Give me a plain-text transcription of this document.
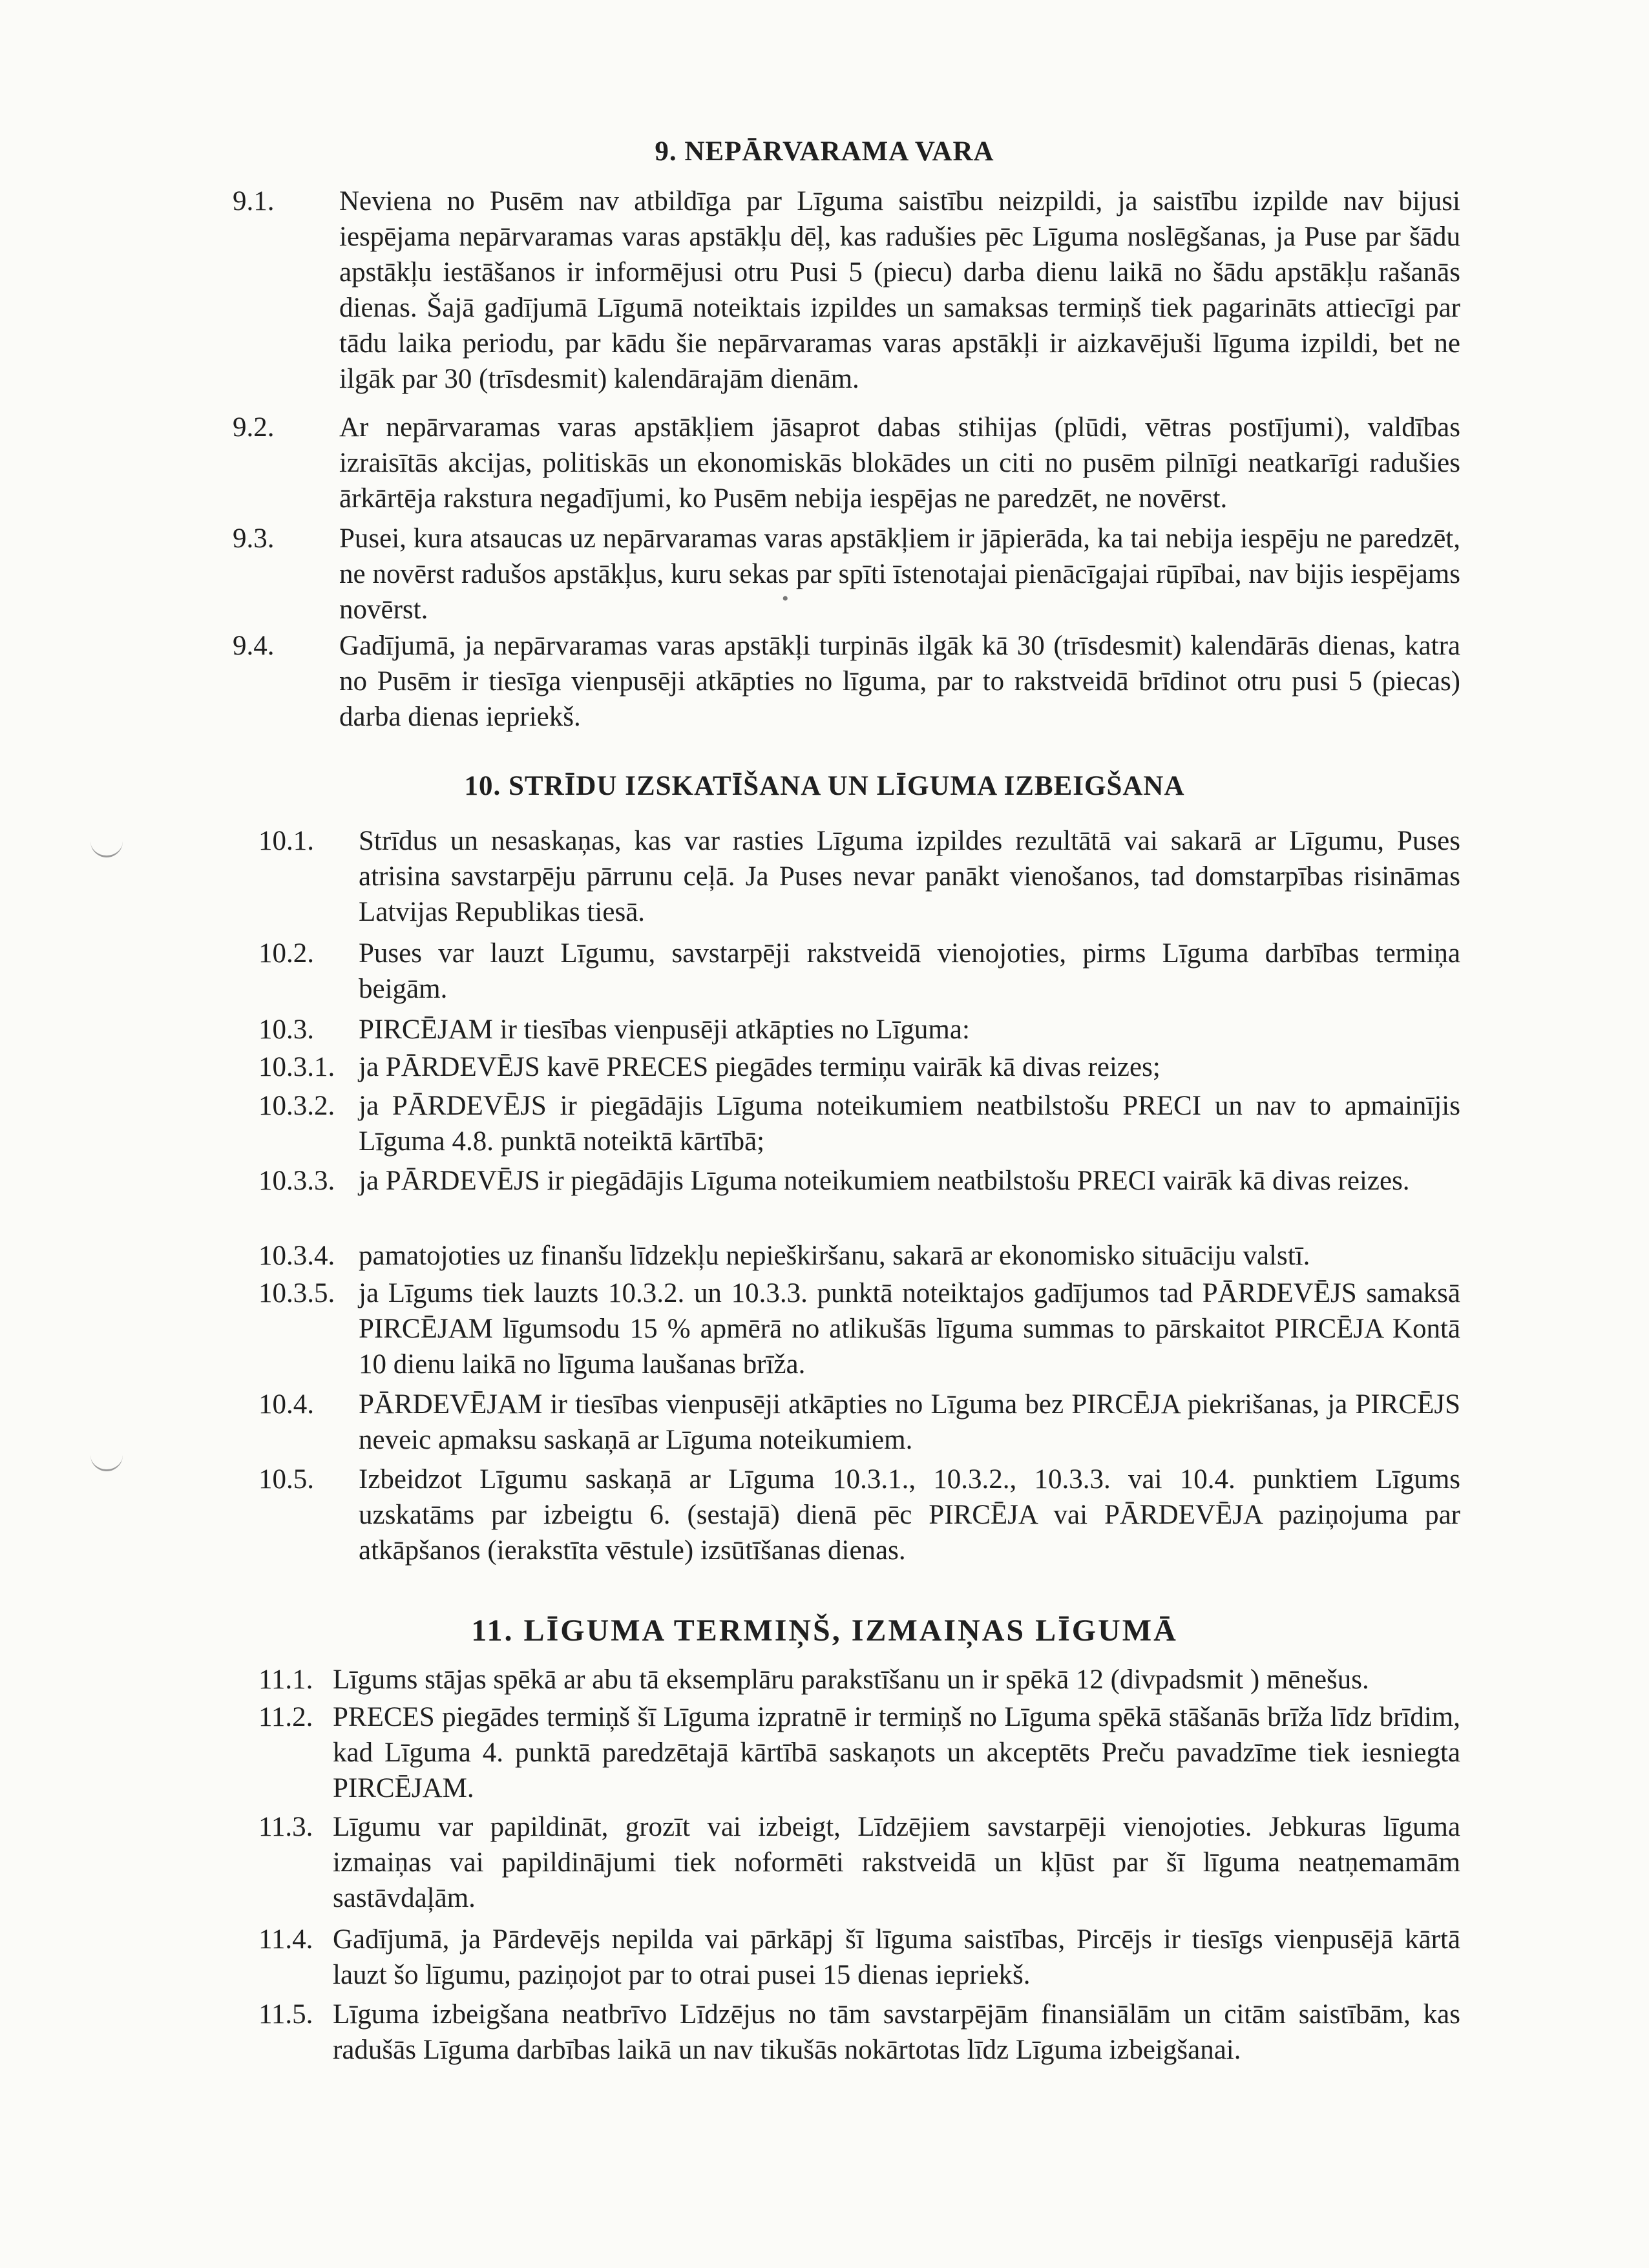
9. NEPĀRVARAMA VARA
9.1. Neviena no Pusēm nav atbildīga par Līguma saistību neizpildi, ja saistību izpilde nav bijusi iespējama nepārvaramas varas apstākļu dēļ, kas radušies pēc Līguma noslēgšanas, ja Puse par šādu apstākļu iestāšanos ir informējusi otru Pusi 5 (piecu) darba dienu laikā no šādu apstākļu rašanās dienas. Šajā gadījumā Līgumā noteiktais izpildes un samaksas termiņš tiek pagarināts attiecīgi par tādu laika periodu, par kādu šie nepārvaramas varas apstākļi ir aizkavējuši līguma izpildi, bet ne ilgāk par 30 (trīsdesmit) kalendārajām dienām.
9.2. Ar nepārvaramas varas apstākļiem jāsaprot dabas stihijas (plūdi, vētras postījumi), valdības izraisītās akcijas, politiskās un ekonomiskās blokādes un citi no pusēm pilnīgi neatkarīgi radušies ārkārtēja rakstura negadījumi, ko Pusēm nebija iespējas ne paredzēt, ne novērst.
9.3. Pusei, kura atsaucas uz nepārvaramas varas apstākļiem ir jāpierāda, ka tai nebija iespēju ne paredzēt, ne novērst radušos apstākļus, kuru sekas par spīti īstenotajai pienācīgajai rūpībai, nav bijis iespējams novērst.
9.4. Gadījumā, ja nepārvaramas varas apstākļi turpinās ilgāk kā 30 (trīsdesmit) kalendārās dienas, katra no Pusēm ir tiesīga vienpusēji atkāpties no līguma, par to rakstveidā brīdinot otru pusi 5 (piecas) darba dienas iepriekš.
10. STRĪDU IZSKATĪŠANA UN LĪGUMA IZBEIGŠANA
10.1. Strīdus un nesaskaņas, kas var rasties Līguma izpildes rezultātā vai sakarā ar Līgumu, Puses atrisina savstarpēju pārrunu ceļā. Ja Puses nevar panākt vienošanos, tad domstarpības risināmas Latvijas Republikas tiesā.
10.2. Puses var lauzt Līgumu, savstarpēji rakstveidā vienojoties, pirms Līguma darbības termiņa beigām.
10.3. PIRCĒJAM ir tiesības vienpusēji atkāpties no Līguma:
10.3.1. ja PĀRDEVĒJS kavē PRECES piegādes termiņu vairāk kā divas reizes;
10.3.2. ja PĀRDEVĒJS ir piegādājis Līguma noteikumiem neatbilstošu PRECI un nav to apmainījis Līguma 4.8. punktā noteiktā kārtībā;
10.3.3. ja PĀRDEVĒJS ir piegādājis Līguma noteikumiem neatbilstošu PRECI vairāk kā divas reizes.
10.3.4. pamatojoties uz finanšu līdzekļu nepieškiršanu, sakarā ar ekonomisko situāciju valstī.
10.3.5. ja Līgums tiek lauzts 10.3.2. un 10.3.3. punktā noteiktajos gadījumos tad PĀRDEVĒJS samaksā PIRCĒJAM līgumsodu 15 % apmērā no atlikušās līguma summas to pārskaitot PIRCĒJA Kontā 10 dienu laikā no līguma laušanas brīža.
10.4. PĀRDEVĒJAM ir tiesības vienpusēji atkāpties no Līguma bez PIRCĒJA piekrišanas, ja PIRCĒJS neveic apmaksu saskaņā ar Līguma noteikumiem.
10.5. Izbeidzot Līgumu saskaņā ar Līguma 10.3.1., 10.3.2., 10.3.3. vai 10.4. punktiem Līgums uzskatāms par izbeigtu 6. (sestajā) dienā pēc PIRCĒJA vai PĀRDEVĒJA paziņojuma par atkāpšanos (ierakstīta vēstule) izsūtīšanas dienas.
11. LĪGUMA TERMIŅŠ, IZMAIŅAS LĪGUMĀ
11.1. Līgums stājas spēkā ar abu tā eksemplāru parakstīšanu un ir spēkā 12 (divpadsmit ) mēnešus.
11.2. PRECES piegādes termiņš šī Līguma izpratnē ir termiņš no Līguma spēkā stāšanās brīža līdz brīdim, kad Līguma 4. punktā paredzētajā kārtībā saskaņots un akceptēts Preču pavadzīme tiek iesniegta PIRCĒJAM.
11.3. Līgumu var papildināt, grozīt vai izbeigt, Līdzējiem savstarpēji vienojoties. Jebkuras līguma izmaiņas vai papildinājumi tiek noformēti rakstveidā un kļūst par šī līguma neatņemamām sastāvdaļām.
11.4. Gadījumā, ja Pārdevējs nepilda vai pārkāpj šī līguma saistības, Pircējs ir tiesīgs vienpusējā kārtā lauzt šo līgumu, paziņojot par to otrai pusei 15 dienas iepriekš.
11.5. Līguma izbeigšana neatbrīvo Līdzējus no tām savstarpējām finansiālām un citām saistībām, kas radušās Līguma darbības laikā un nav tikušās nokārtotas līdz Līguma izbeigšanai.
•
